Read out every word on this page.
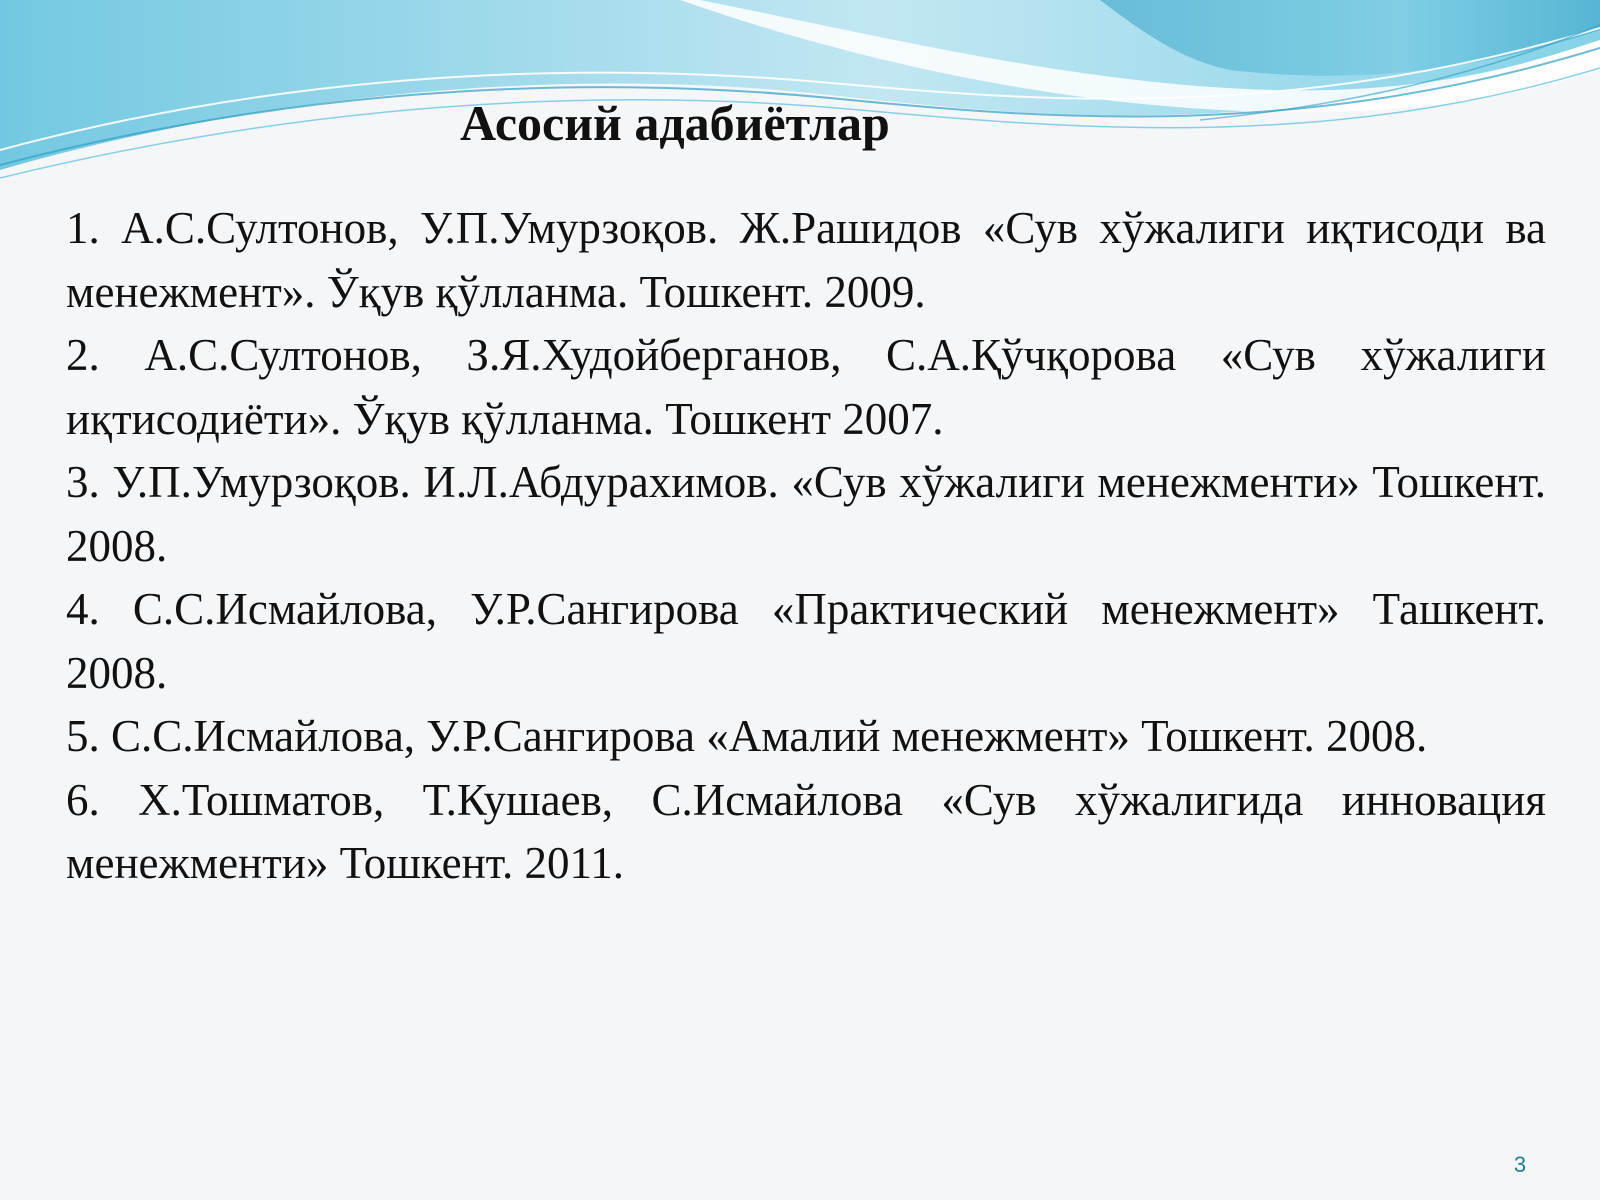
Асосий адабиётлар
1. А.С.Султонов, У.П.Умурзоқов. Ж.Рашидов «Сув хўжалиги иқтисоди ва менежмент». Ўқув қўлланма. Тошкент. 2009.
2. А.С.Султонов, З.Я.Худойберганов, С.А.Қўчқорова «Сув хўжалиги иқтисодиёти». Ўқув қўлланма. Тошкент 2007.
3. У.П.Умурзоқов. И.Л.Абдурахимов. «Сув хўжалиги менежменти» Тошкент. 2008.
4. С.С.Исмайлова, У.Р.Сангирова «Практический менежмент» Ташкент. 2008.
5. С.С.Исмайлова, У.Р.Сангирова «Амалий менежмент» Тошкент. 2008.
6. Х.Тошматов, Т.Кушаев, С.Исмайлова «Сув хўжалигида инновация менежменти» Тошкент. 2011.
3
